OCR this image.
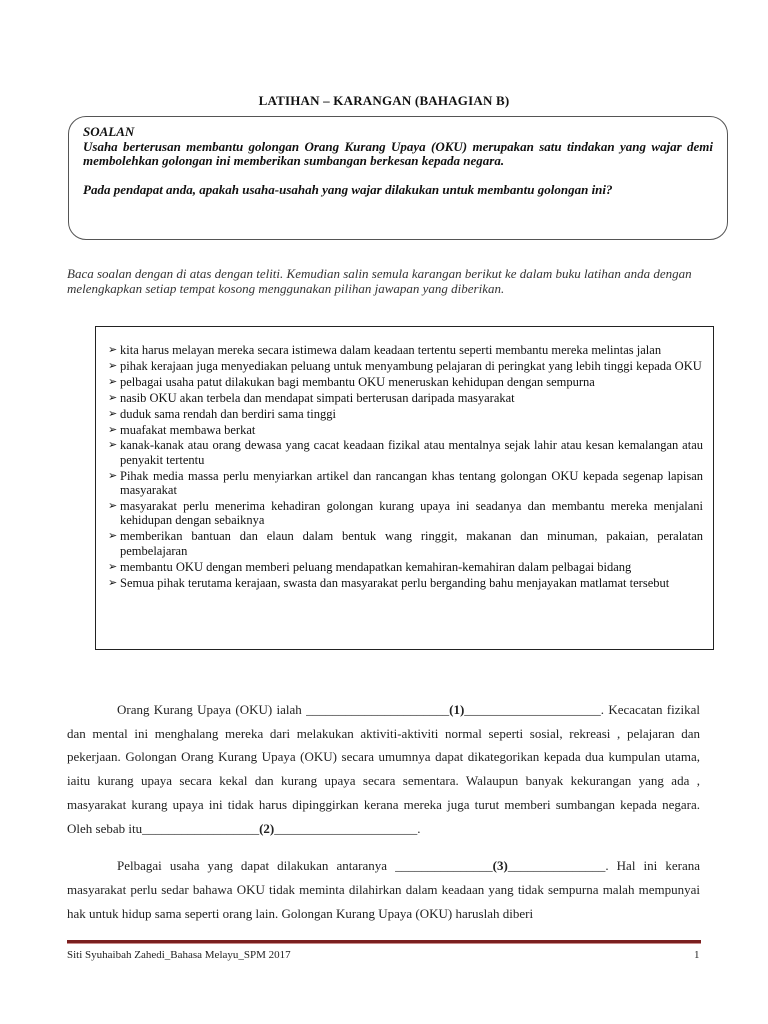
LATIHAN – KARANGAN (BAHAGIAN B)
SOALAN

Usaha berterusan membantu golongan Orang Kurang Upaya (OKU) merupakan satu tindakan yang wajar demi membolehkan golongan ini memberikan sumbangan berkesan kepada negara.

Pada pendapat anda, apakah usaha-usahah yang wajar dilakukan untuk membantu golongan ini?

Baca soalan dengan di atas dengan teliti. Kemudian salin semula karangan berikut ke dalam buku latihan anda dengan melengkapkan setiap tempat kosong menggunakan pilihan jawapan yang diberikan.
➢ kita harus melayan mereka secara istimewa dalam keadaan tertentu seperti membantu mereka melintas jalan
➢ pihak kerajaan juga menyediakan peluang untuk menyambung pelajaran di peringkat yang lebih tinggi kepada OKU
➢ pelbagai usaha patut dilakukan bagi membantu OKU meneruskan kehidupan dengan sempurna
➢ nasib OKU akan terbela dan mendapat simpati berterusan daripada masyarakat
➢ duduk sama rendah dan berdiri sama tinggi
➢ muafakat membawa berkat
➢ kanak-kanak atau orang dewasa yang cacat keadaan fizikal atau mentalnya sejak lahir atau kesan kemalangan atau penyakit tertentu
➢ Pihak media massa perlu menyiarkan artikel dan rancangan khas tentang golongan OKU kepada segenap lapisan masyarakat
➢ masyarakat perlu menerima kehadiran golongan kurang upaya ini seadanya dan membantu mereka menjalani kehidupan dengan sebaiknya
➢ memberikan bantuan dan elaun dalam bentuk wang ringgit, makanan dan minuman, pakaian, peralatan pembelajaran
➢ membantu OKU dengan memberi peluang mendapatkan kemahiran-kemahiran dalam pelbagai bidang
➢ Semua pihak terutama kerajaan, swasta dan masyarakat perlu berganding bahu menjayakan matlamat tersebut

Orang Kurang Upaya (OKU) ialah ______________________(1)_____________________. Kecacatan fizikal dan mental ini menghalang mereka dari melakukan aktiviti-aktiviti normal seperti sosial, rekreasi , pelajaran dan pekerjaan. Golongan Orang Kurang Upaya (OKU) secara umumnya dapat dikategorikan kepada dua kumpulan utama, iaitu kurang upaya secara kekal dan kurang upaya secara sementara. Walaupun banyak kekurangan yang ada , masyarakat kurang upaya ini tidak harus dipinggirkan kerana mereka juga turut memberi sumbangan kepada negara. Oleh sebab itu__________________(2)______________________.

Pelbagai usaha yang dapat dilakukan antaranya _______________(3)_______________. Hal ini kerana masyarakat perlu sedar bahawa OKU tidak meminta dilahirkan dalam keadaan yang tidak sempurna malah mempunyai hak untuk hidup sama seperti orang lain. Golongan Kurang Upaya (OKU) haruslah diberi

Siti Syuhaibah Zahedi_Bahasa Melayu_SPM 2017	1
